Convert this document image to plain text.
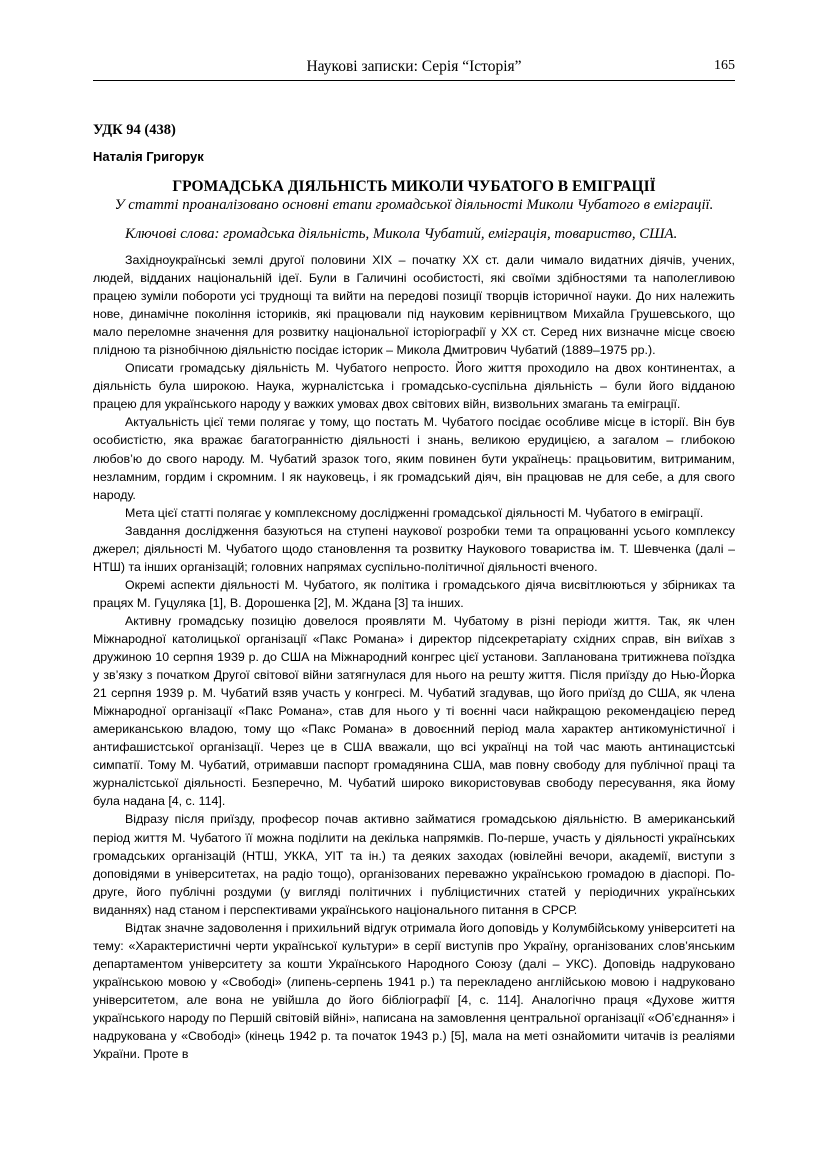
Наукові записки: Серія “Історія”	165
УДК 94 (438)
Наталія Григорук
ГРОМАДСЬКА ДІЯЛЬНІСТЬ МИКОЛИ ЧУБАТОГО В ЕМІГРАЦІЇ
У статті проаналізовано основні етапи громадської діяльності Миколи Чубатого в еміграції.
Ключові слова: громадська діяльність, Микола Чубатий, еміграція, товариство, США.

Західноукраїнські землі другої половини ХІХ – початку ХХ ст. дали чимало видатних діячів, учених, людей, відданих національній ідеї. Були в Галичині особистості, які своїми здібностями та наполегливою працею зуміли побороти усі труднощі та вийти на передові позиції творців історичної науки. До них належить нове, динамічне покоління істориків, які працювали під науковим керівництвом Михайла Грушевського, що мало переломне значення для розвитку національної історіографії у ХХ ст. Серед них визначне місце своєю плідною та різнобічною діяльністю посідає історик – Микола Дмитрович Чубатий (1889–1975 рр.).

Описати громадську діяльність М. Чубатого непросто. Його життя проходило на двох континентах, а діяльність була широкою. Наука, журналістська і громадсько-суспільна діяльність – були його відданою працею для українського народу у важких умовах двох світових війн, визвольних змагань та еміграції.

Актуальність цієї теми полягає у тому, що постать М. Чубатого посідає особливе місце в історії. Він був особистістю, яка вражає багатогранністю діяльності і знань, великою ерудицією, а загалом – глибокою любов’ю до свого народу. М. Чубатий зразок того, яким повинен бути українець: працьовитим, витриманим, незламним, гордим і скромним. І як науковець, і як громадський діяч, він працював не для себе, а для свого народу.

Мета цієї статті полягає у комплексному дослідженні громадської діяльності М. Чубатого в еміграції.

Завдання дослідження базуються на ступені наукової розробки теми та опрацюванні усього комплексу джерел; діяльності М. Чубатого щодо становлення та розвитку Наукового товариства ім. Т. Шевченка (далі – НТШ) та інших організацій; головних напрямах суспільно-політичної діяльності вченого.

Окремі аспекти діяльності М. Чубатого, як політика і громадського діяча висвітлюються у збірниках та працях М. Гуцуляка [1], В. Дорошенка [2], М. Ждана [3] та інших.

Активну громадську позицію довелося проявляти М. Чубатому в різні періоди життя. Так, як член Міжнародної католицької організації «Пакс Романа» і директор підсекретаріату східних справ, він виїхав з дружиною 10 серпня 1939 р. до США на Міжнародний конгрес цієї установи. Запланована тритижнева поїздка у зв’язку з початком Другої світової війни затягнулася для нього на решту життя. Після приїзду до Нью-Йорка 21 серпня 1939 р. М. Чубатий взяв участь у конгресі. М. Чубатий згадував, що його приїзд до США, як члена Міжнародної організації «Пакс Романа», став для нього у ті воєнні часи найкращою рекомендацією перед американською владою, тому що «Пакс Романа» в довоєнний період мала характер антикомуністичної і антифашистської організації. Через це в США вважали, що всі українці на той час мають антинацистські симпатії. Тому М. Чубатий, отримавши паспорт громадянина США, мав повну свободу для публічної праці та журналістської діяльності. Безперечно, М. Чубатий широко використовував свободу пересування, яка йому була надана [4, с. 114].

Відразу після приїзду, професор почав активно займатися громадською діяльністю. В американський період життя М. Чубатого її можна поділити на декілька напрямків. По-перше, участь у діяльності українських громадських організацій (НТШ, УККА, УІТ та ін.) та деяких заходах (ювілейні вечори, академії, виступи з доповідями в університетах, на радіо тощо), організованих переважно українською громадою в діаспорі. По-друге, його публічні роздуми (у вигляді політичних і публіцистичних статей у періодичних українських виданнях) над станом і перспективами українського національного питання в СРСР.

Відтак значне задоволення і прихильний відгук отримала його доповідь у Колумбійському університеті на тему: «Характеристичні черти української культури» в серії виступів про Україну, організованих слов’янським департаментом університету за кошти Українського Народного Союзу (далі – УКС). Доповідь надруковано українською мовою у «Свободі» (липень-серпень 1941 р.) та перекладено англійською мовою і надруковано університетом, але вона не увійшла до його бібліографії [4, с. 114]. Аналогічно праця «Духове життя українського народу по Першій світовій війні», написана на замовлення центральної організації «Об’єднання» і надрукована у «Свободі» (кінець 1942 р. та початок 1943 р.) [5], мала на меті ознайомити читачів із реаліями України. Проте в
